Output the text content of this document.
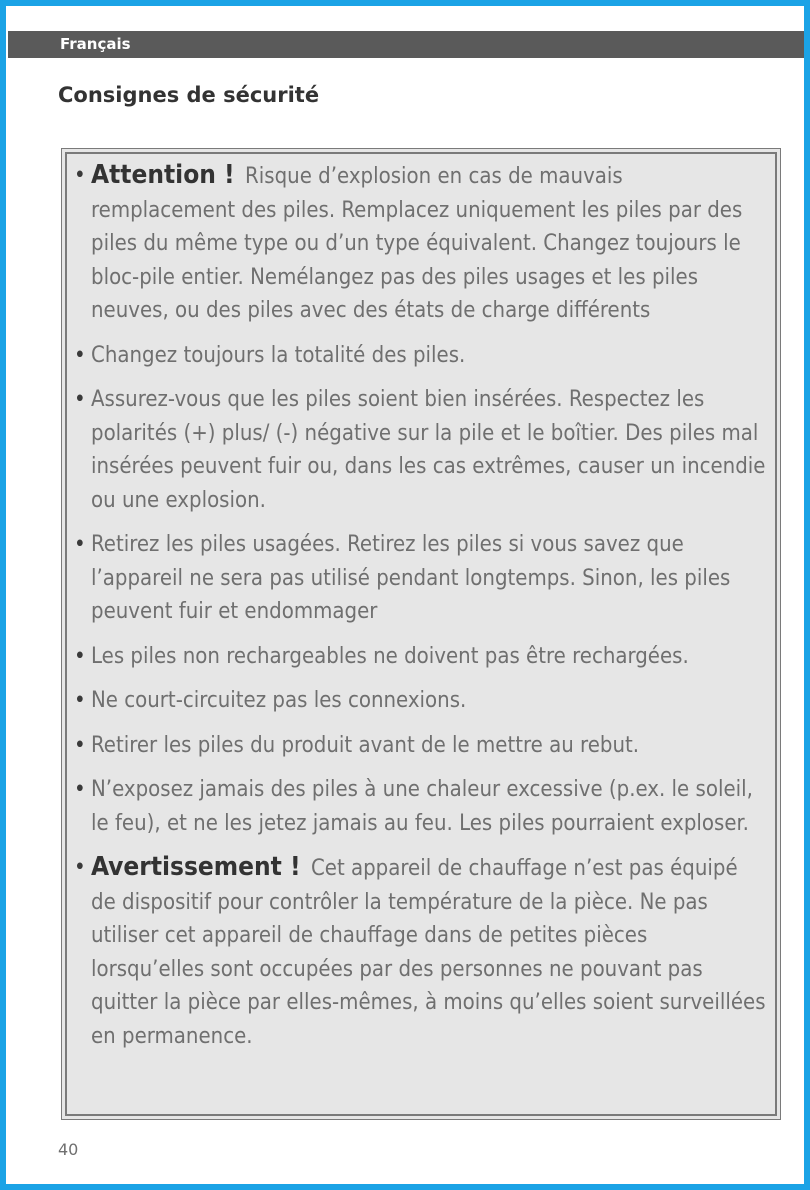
Français
Consignes de sécurité
• Attention ! Risque d’explosion en cas de mauvais remplacement des piles. Remplacez uniquement les piles par des piles du même type ou d’un type équivalent. Changez toujours le bloc-pile entier. Nemélangez pas des piles usages et les piles neuves, ou des piles avec des états de charge différents
• Changez toujours la totalité des piles.
• Assurez-vous que les piles soient bien insérées. Respectez les polarités (+) plus/ (-) négative sur la pile et le boîtier. Des piles mal insérées peuvent fuir ou, dans les cas extrêmes, causer un incendie ou une explosion.
• Retirez les piles usagées. Retirez les piles si vous savez que l’appareil ne sera pas utilisé pendant longtemps. Sinon, les piles peuvent fuir et endommager
• Les piles non rechargeables ne doivent pas être rechargées.
• Ne court-circuitez pas les connexions.
• Retirer les piles du produit avant de le mettre au rebut.
• N’exposez jamais des piles à une chaleur excessive (p.ex. le soleil, le feu), et ne les jetez jamais au feu. Les piles pourraient exploser.
• Avertissement ! Cet appareil de chauffage n’est pas équipé de dispositif pour contrôler la température de la pièce. Ne pas utiliser cet appareil de chauffage dans de petites pièces lorsqu’elles sont occupées par des personnes ne pouvant pas quitter la pièce par elles-mêmes, à moins qu’elles soient surveillées en permanence.
40
